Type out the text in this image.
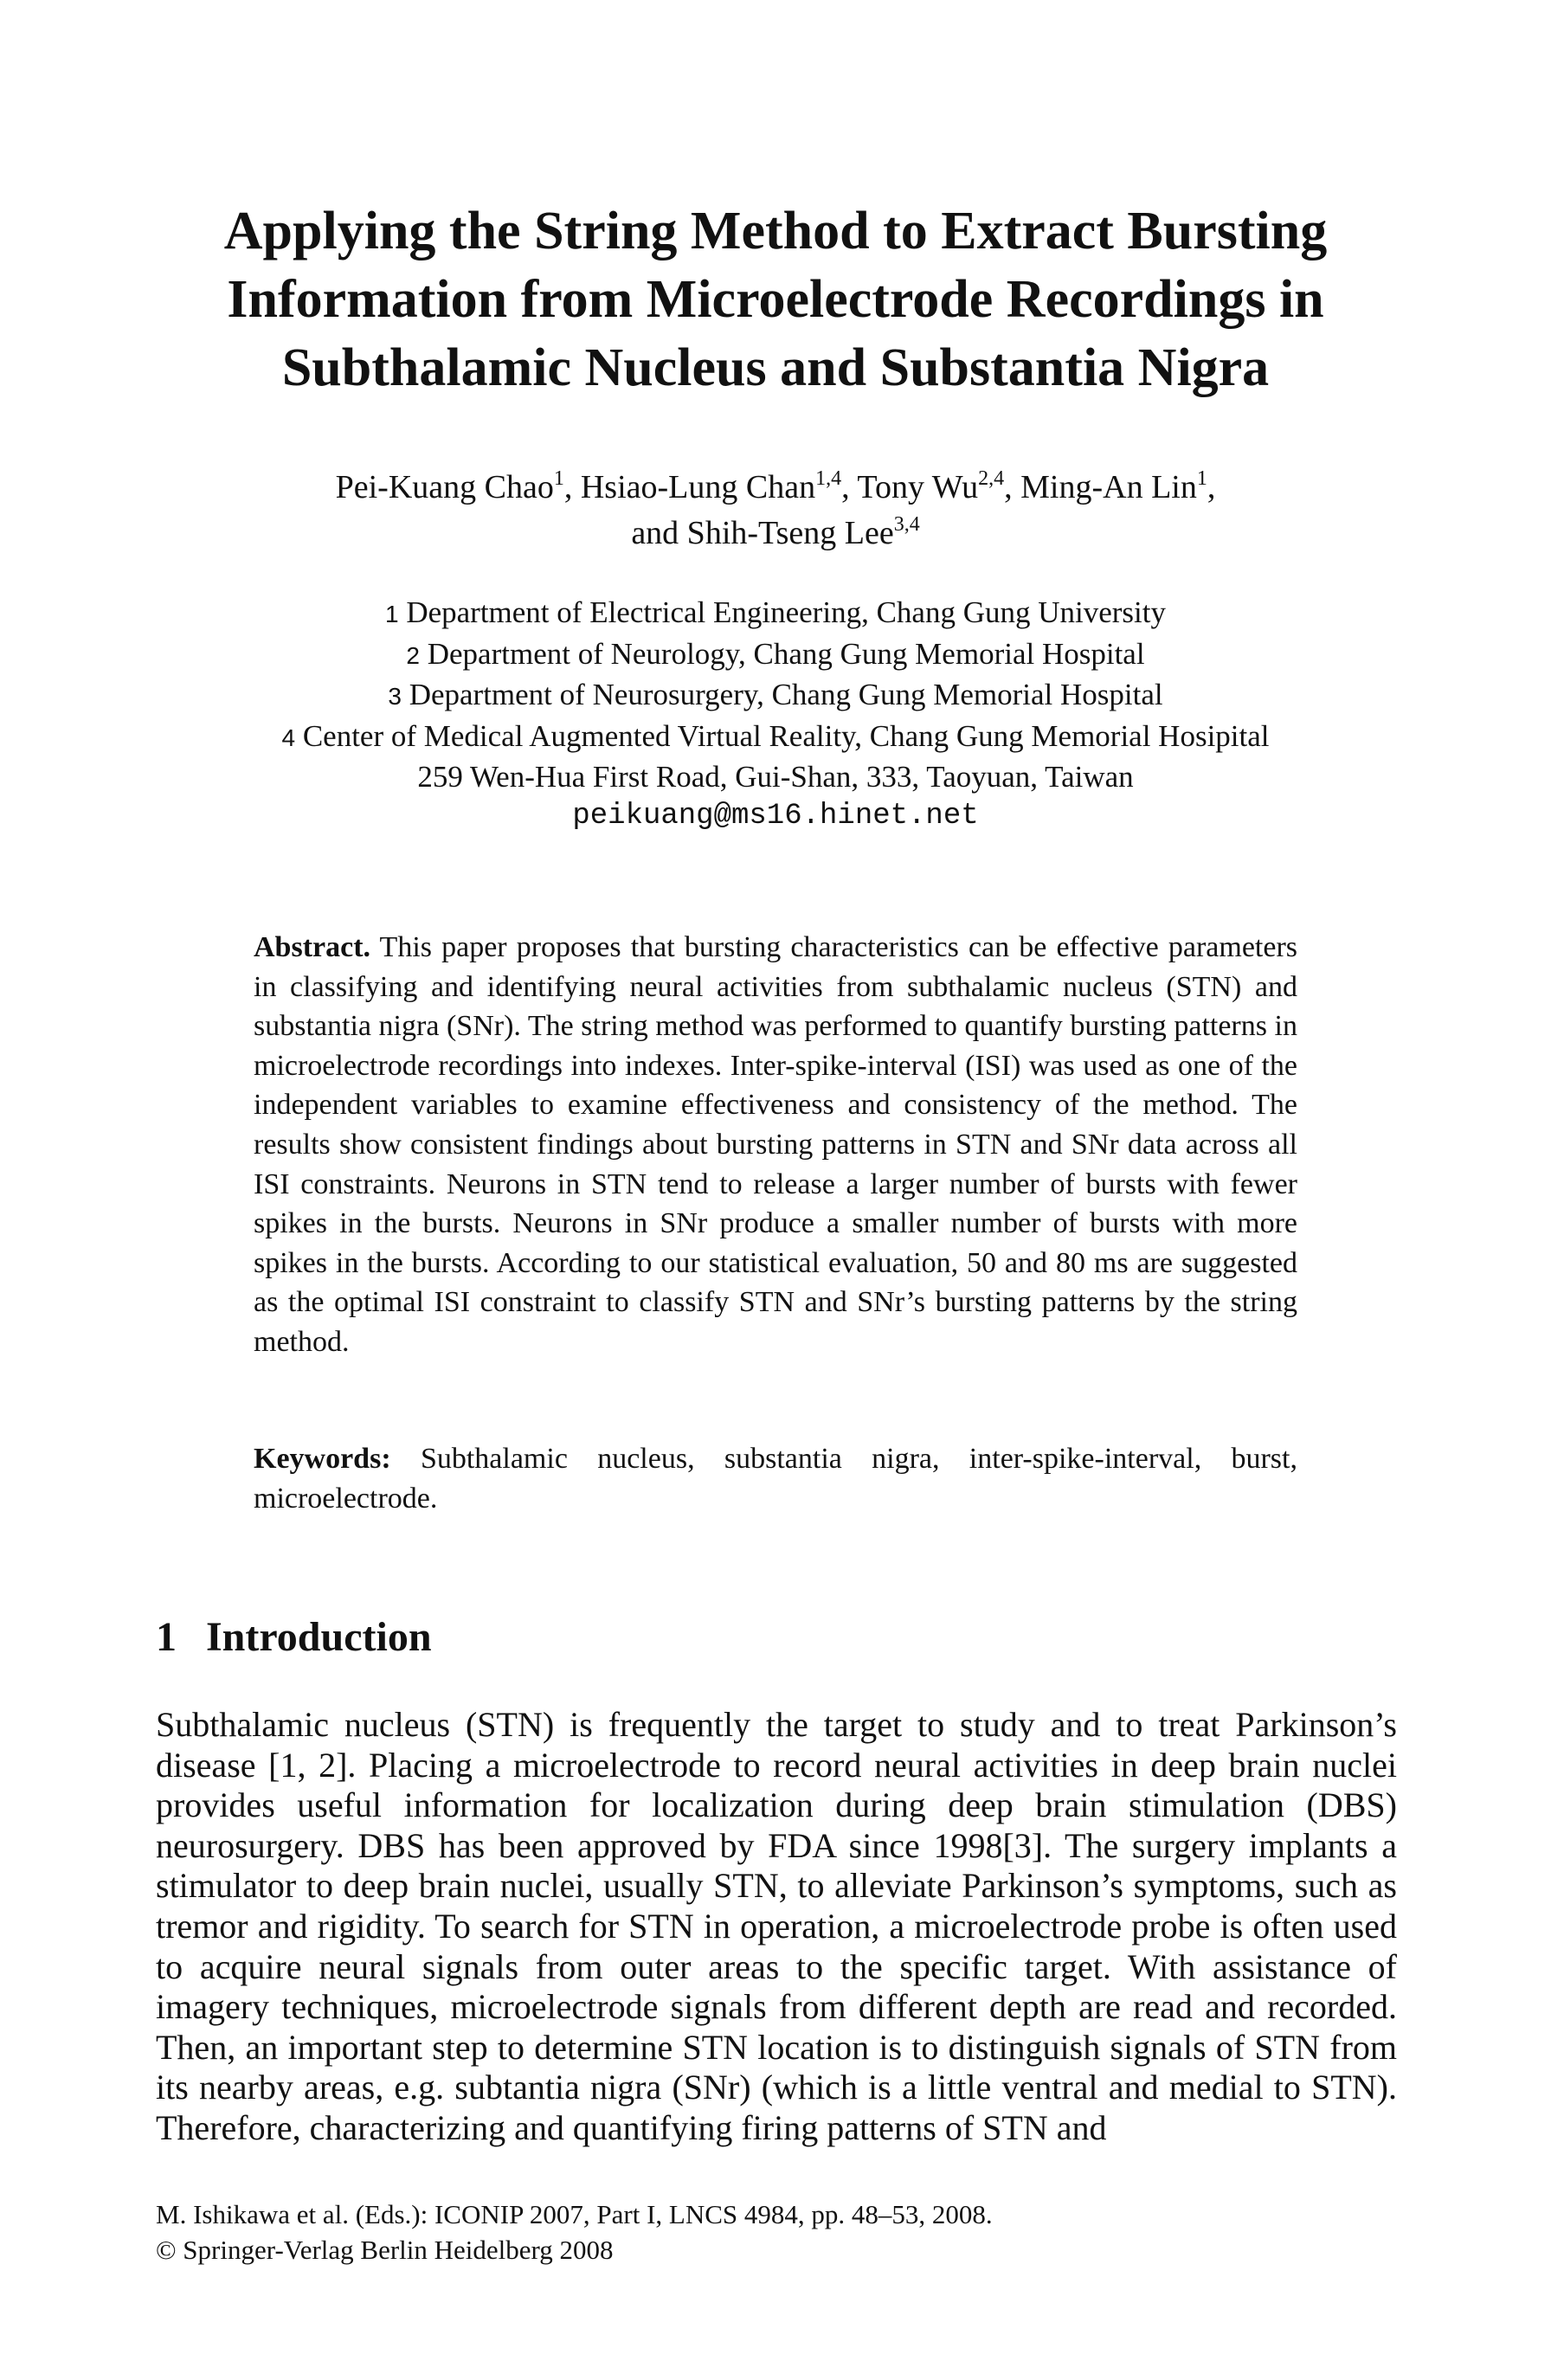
Applying the String Method to Extract Bursting
Information from Microelectrode Recordings in
Subthalamic Nucleus and Substantia Nigra
Pei-Kuang Chao$^1$, Hsiao-Lung Chan$^{1,4}$, Tony Wu$^{2,4}$, Ming-An Lin$^1$,
and Shih-Tseng Lee$^{3,4}$
1 Department of Electrical Engineering, Chang Gung University
2 Department of Neurology, Chang Gung Memorial Hospital
3 Department of Neurosurgery, Chang Gung Memorial Hospital
4 Center of Medical Augmented Virtual Reality, Chang Gung Memorial Hosipital
259 Wen-Hua First Road, Gui-Shan, 333, Taoyuan, Taiwan
peikuang@ms16.hinet.net

Abstract. This paper proposes that bursting characteristics can be effective parameters in classifying and identifying neural activities from subthalamic nucleus (STN) and substantia nigra (SNr). The string method was performed to quantify bursting patterns in microelectrode recordings into indexes. Inter-spike-interval (ISI) was used as one of the independent variables to examine effectiveness and consistency of the method. The results show consistent findings about bursting patterns in STN and SNr data across all ISI constraints. Neurons in STN tend to release a larger number of bursts with fewer spikes in the bursts. Neurons in SNr produce a smaller number of bursts with more spikes in the bursts. According to our statistical evaluation, 50 and 80 ms are suggested as the optimal ISI constraint to classify STN and SNr’s bursting patterns by the string method.

Keywords: Subthalamic nucleus, substantia nigra, inter-spike-interval, burst, microelectrode.

1 Introduction

Subthalamic nucleus (STN) is frequently the target to study and to treat Parkinson’s disease [1, 2]. Placing a microelectrode to record neural activities in deep brain nuclei provides useful information for localization during deep brain stimulation (DBS) neurosurgery. DBS has been approved by FDA since 1998[3]. The surgery implants a stimulator to deep brain nuclei, usually STN, to alleviate Parkinson’s symptoms, such as tremor and rigidity. To search for STN in operation, a microelectrode probe is often used to acquire neural signals from outer areas to the specific target. With assistance of imagery techniques, microelectrode signals from different depth are read and recorded. Then, an important step to determine STN location is to distinguish signals of STN from its nearby areas, e.g. subtantia nigra (SNr) (which is a little ventral and medial to STN). Therefore, characterizing and quantifying firing patterns of STN and

M. Ishikawa et al. (Eds.): ICONIP 2007, Part I, LNCS 4984, pp. 48–53, 2008.
© Springer-Verlag Berlin Heidelberg 2008
